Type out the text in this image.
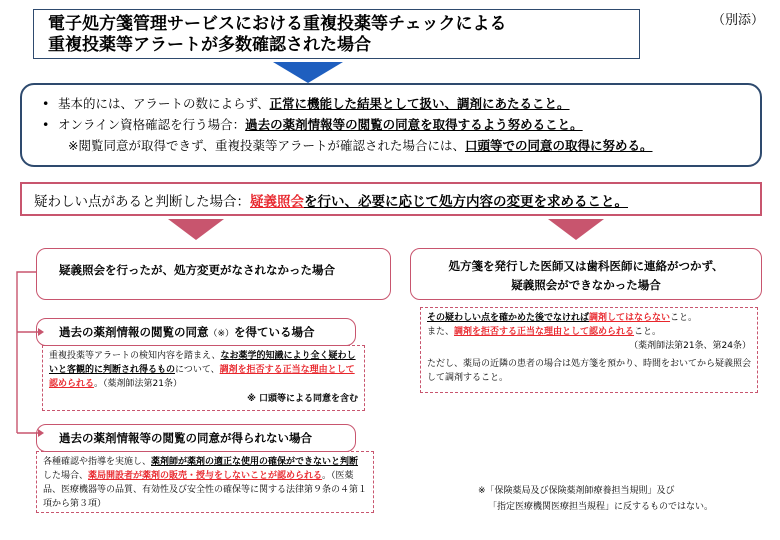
電子処方箋管理サービスにおける重複投薬等チェックによる
重複投薬等アラートが多数確認された場合
（別添）
• 基本的には、アラートの数によらず、正常に機能した結果として扱い、調剤にあたること。
• オンライン資格確認を行う場合：過去の薬剤情報等の閲覧の同意を取得するよう努めること。
※閲覧同意が取得できず、重複投薬等アラートが確認された場合には、口頭等での同意の取得に努める。
疑わしい点があると判断した場合：疑義照会を行い、必要に応じて処方内容の変更を求めること。
疑義照会を行ったが、処方変更がなされなかった場合
過去の薬剤情報の閲覧の同意（※）を得ている場合
重複投薬等アラートの検知内容を踏まえ、なお薬学的知識により全く疑わしいと客観的に判断され得るものについて、調剤を拒否する正当な理由として認められる。（薬剤師法第21条）
※ 口頭等による同意を含む
過去の薬剤情報等の閲覧の同意が得られない場合
各種確認や指導を実施し、薬剤師が薬剤の適正な使用の確保ができないと判断した場合、薬局開設者が薬剤の販売・授与をしないことが認められる。（医薬品、医療機器等の品質、有効性及び安全性の確保等に関する法律第９条の４第１項から第３項）
処方箋を発行した医師又は歯科医師に連絡がつかず、
疑義照会ができなかった場合
その疑わしい点を確かめた後でなければ調剤してはならないこと。
また、調剤を拒否する正当な理由として認められること。
（薬剤師法第21条、第24条）
ただし、薬局の近隣の患者の場合は処方箋を預かり、時間をおいてから疑義照会して調剤すること。
※「保険薬局及び保険薬剤師療養担当規則」及び
「指定医療機関医療担当規程」に反するものではない。
